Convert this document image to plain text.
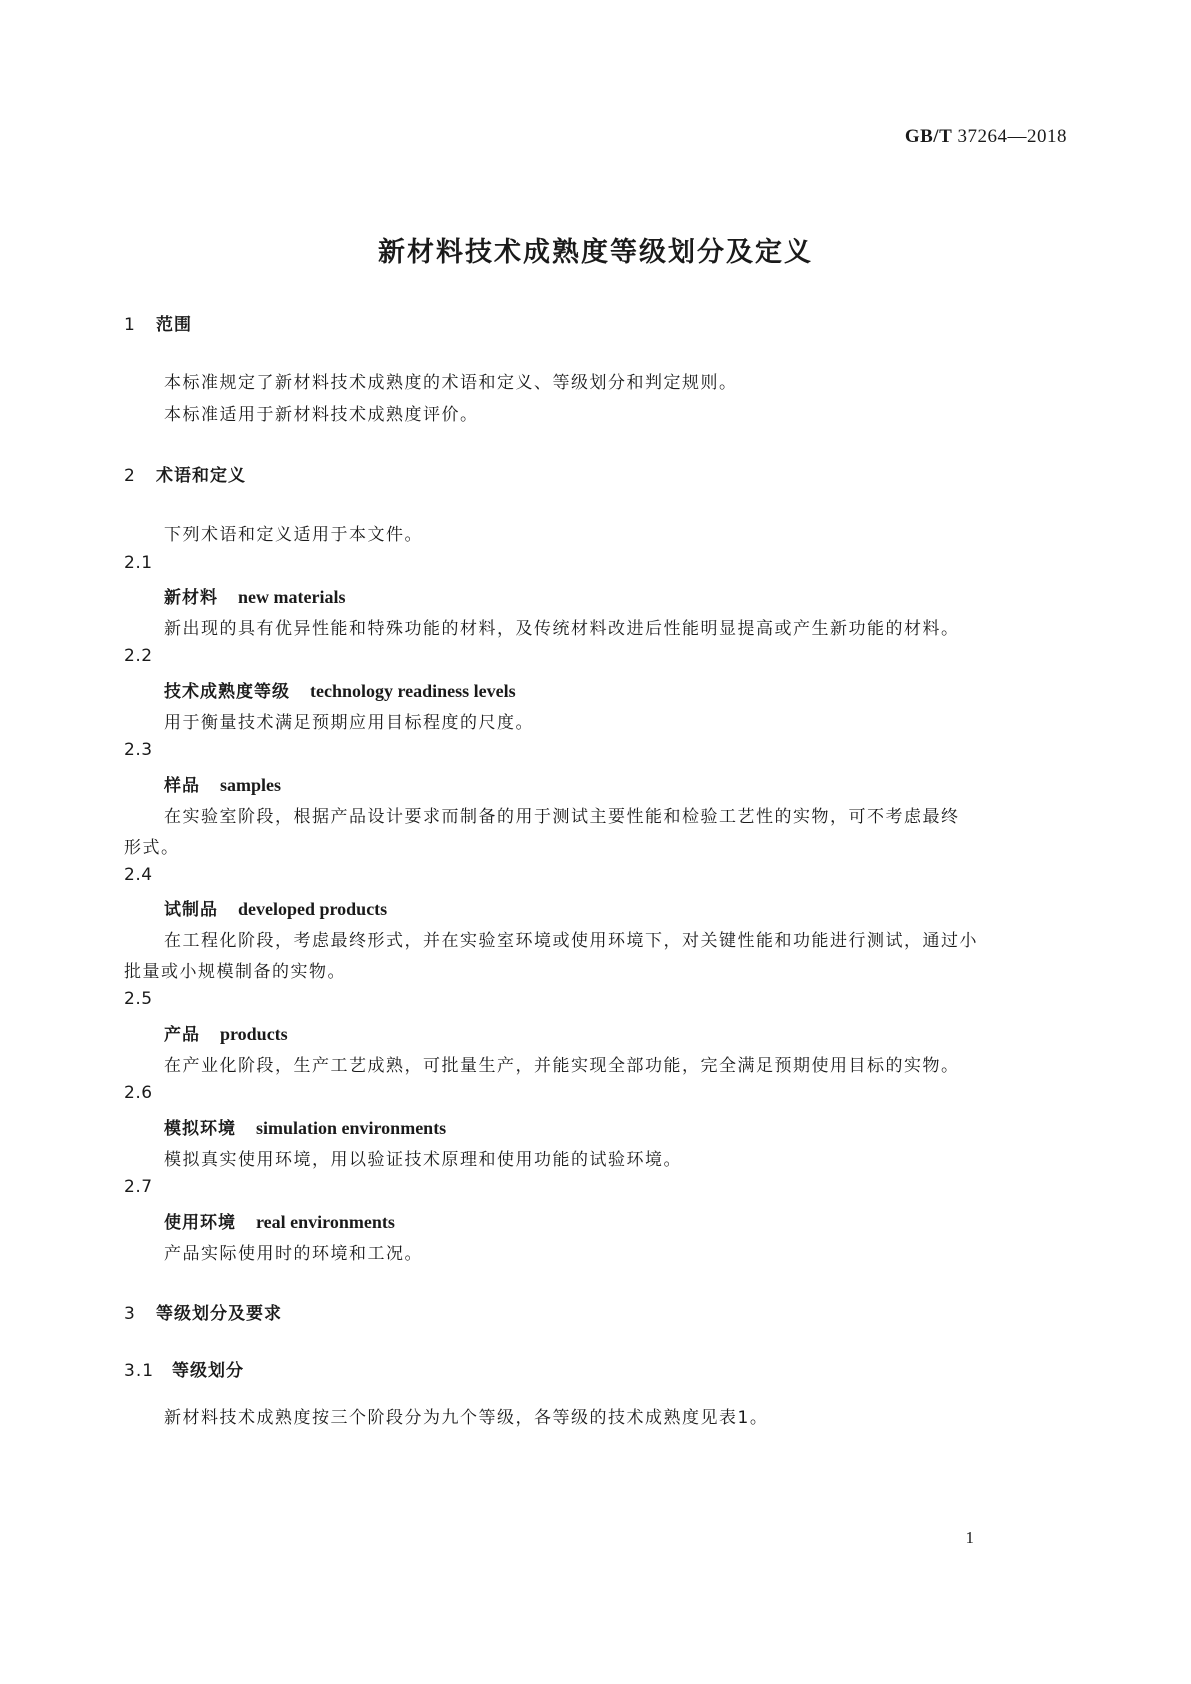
GB/T 37264—2018
新材料技术成熟度等级划分及定义
1 范围
本标准规定了新材料技术成熟度的术语和定义、等级划分和判定规则。
本标准适用于新材料技术成熟度评价。
2 术语和定义
下列术语和定义适用于本文件。
2.1
新材料 new materials
新出现的具有优异性能和特殊功能的材料，及传统材料改进后性能明显提高或产生新功能的材料。
2.2
技术成熟度等级 technology readiness levels
用于衡量技术满足预期应用目标程度的尺度。
2.3
样品 samples
在实验室阶段，根据产品设计要求而制备的用于测试主要性能和检验工艺性的实物，可不考虑最终
形式。
2.4
试制品 developed products
在工程化阶段，考虑最终形式，并在实验室环境或使用环境下，对关键性能和功能进行测试，通过小
批量或小规模制备的实物。
2.5
产品 products
在产业化阶段，生产工艺成熟，可批量生产，并能实现全部功能，完全满足预期使用目标的实物。
2.6
模拟环境 simulation environments
模拟真实使用环境，用以验证技术原理和使用功能的试验环境。
2.7
使用环境 real environments
产品实际使用时的环境和工况。
3 等级划分及要求
3.1 等级划分
新材料技术成熟度按三个阶段分为九个等级，各等级的技术成熟度见表1。
1
